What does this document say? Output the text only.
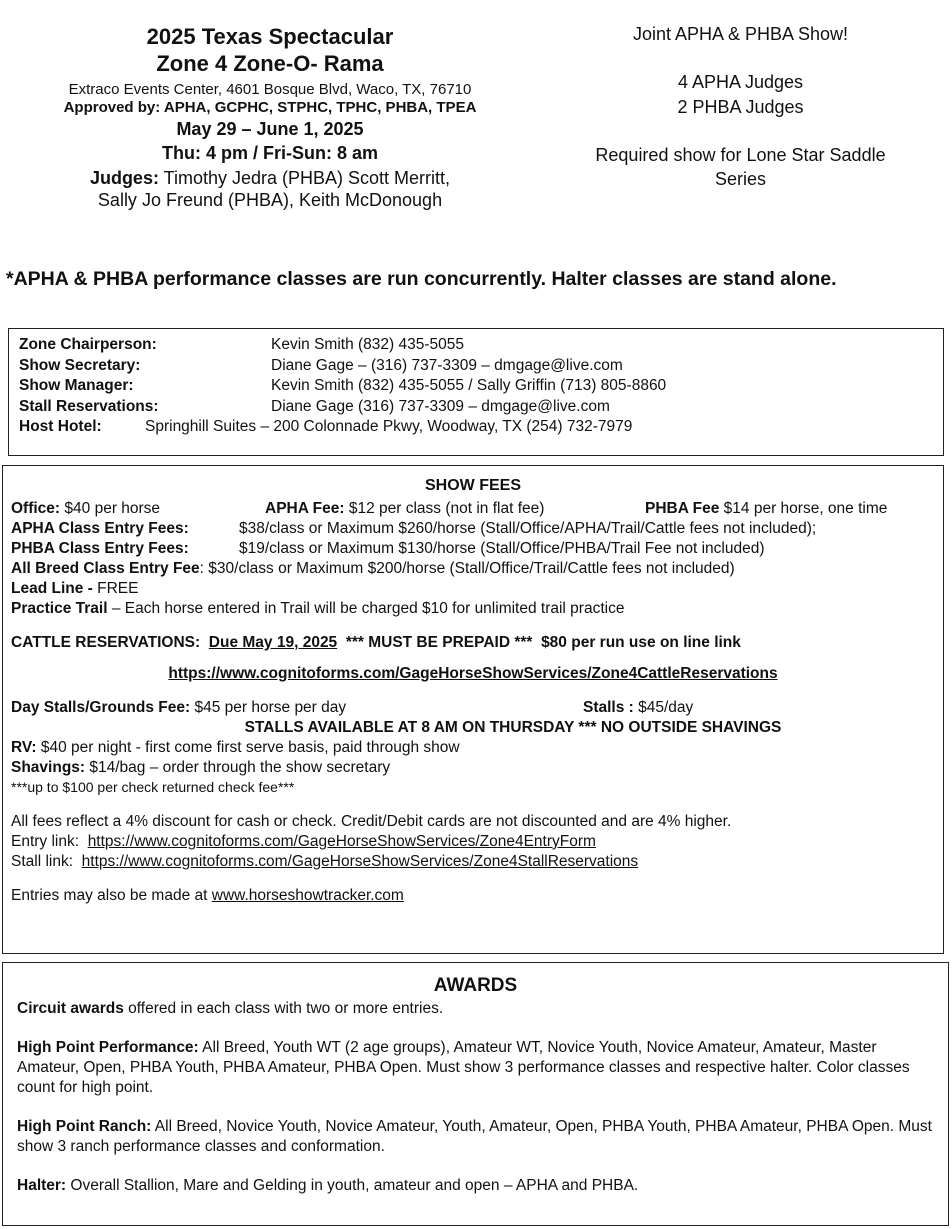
2025 Texas Spectacular
Zone 4 Zone-O- Rama
Extraco Events Center, 4601 Bosque Blvd, Waco, TX, 76710
Approved by: APHA, GCPHC, STPHC, TPHC, PHBA, TPEA
May 29 – June 1, 2025
Thu: 4 pm / Fri-Sun: 8 am
Judges: Timothy Jedra (PHBA) Scott Merritt,
Sally Jo Freund (PHBA), Keith McDonough
Joint APHA & PHBA Show!
4 APHA Judges
2 PHBA Judges
Required show for Lone Star Saddle
Series
*APHA & PHBA performance classes are run concurrently. Halter classes are stand alone.
Zone Chairperson:	Kevin Smith (832) 435-5055
Show Secretary:	Diane Gage – (316) 737-3309 – dmgage@live.com
Show Manager:	Kevin Smith (832) 435-5055 / Sally Griffin (713) 805-8860
Stall Reservations:	Diane Gage (316) 737-3309 – dmgage@live.com
Host Hotel:	Springhill Suites – 200 Colonnade Pkwy, Woodway, TX (254) 732-7979
SHOW FEES
Office: $40 per horse	APHA Fee: $12 per class (not in flat fee)	PHBA Fee $14 per horse, one time
APHA Class Entry Fees:	$38/class or Maximum $260/horse (Stall/Office/APHA/Trail/Cattle fees not included);
PHBA Class Entry Fees:	$19/class or Maximum $130/horse (Stall/Office/PHBA/Trail Fee not included)
All Breed Class Entry Fee: $30/class or Maximum $200/horse (Stall/Office/Trail/Cattle fees not included)
Lead Line - FREE
Practice Trail – Each horse entered in Trail will be charged $10 for unlimited trail practice
CATTLE RESERVATIONS: Due May 19, 2025 *** MUST BE PREPAID *** $80 per run use on line link
https://www.cognitoforms.com/GageHorseShowServices/Zone4CattleReservations
Day Stalls/Grounds Fee: $45 per horse per day	Stalls : $45/day
STALLS AVAILABLE AT 8 AM ON THURSDAY *** NO OUTSIDE SHAVINGS
RV: $40 per night - first come first serve basis, paid through show
Shavings: $14/bag – order through the show secretary
***up to $100 per check returned check fee***
All fees reflect a 4% discount for cash or check. Credit/Debit cards are not discounted and are 4% higher.
Entry link: https://www.cognitoforms.com/GageHorseShowServices/Zone4EntryForm
Stall link: https://www.cognitoforms.com/GageHorseShowServices/Zone4StallReservations
Entries may also be made at www.horseshowtracker.com
AWARDS

Circuit awards offered in each class with two or more entries.

High Point Performance: All Breed, Youth WT (2 age groups), Amateur WT, Novice Youth, Novice Amateur, Amateur, Master Amateur, Open, PHBA Youth, PHBA Amateur, PHBA Open. Must show 3 performance classes and respective halter. Color classes count for high point.

High Point Ranch: All Breed, Novice Youth, Novice Amateur, Youth, Amateur, Open, PHBA Youth, PHBA Amateur, PHBA Open. Must show 3 ranch performance classes and conformation.

Halter: Overall Stallion, Mare and Gelding in youth, amateur and open – APHA and PHBA.
